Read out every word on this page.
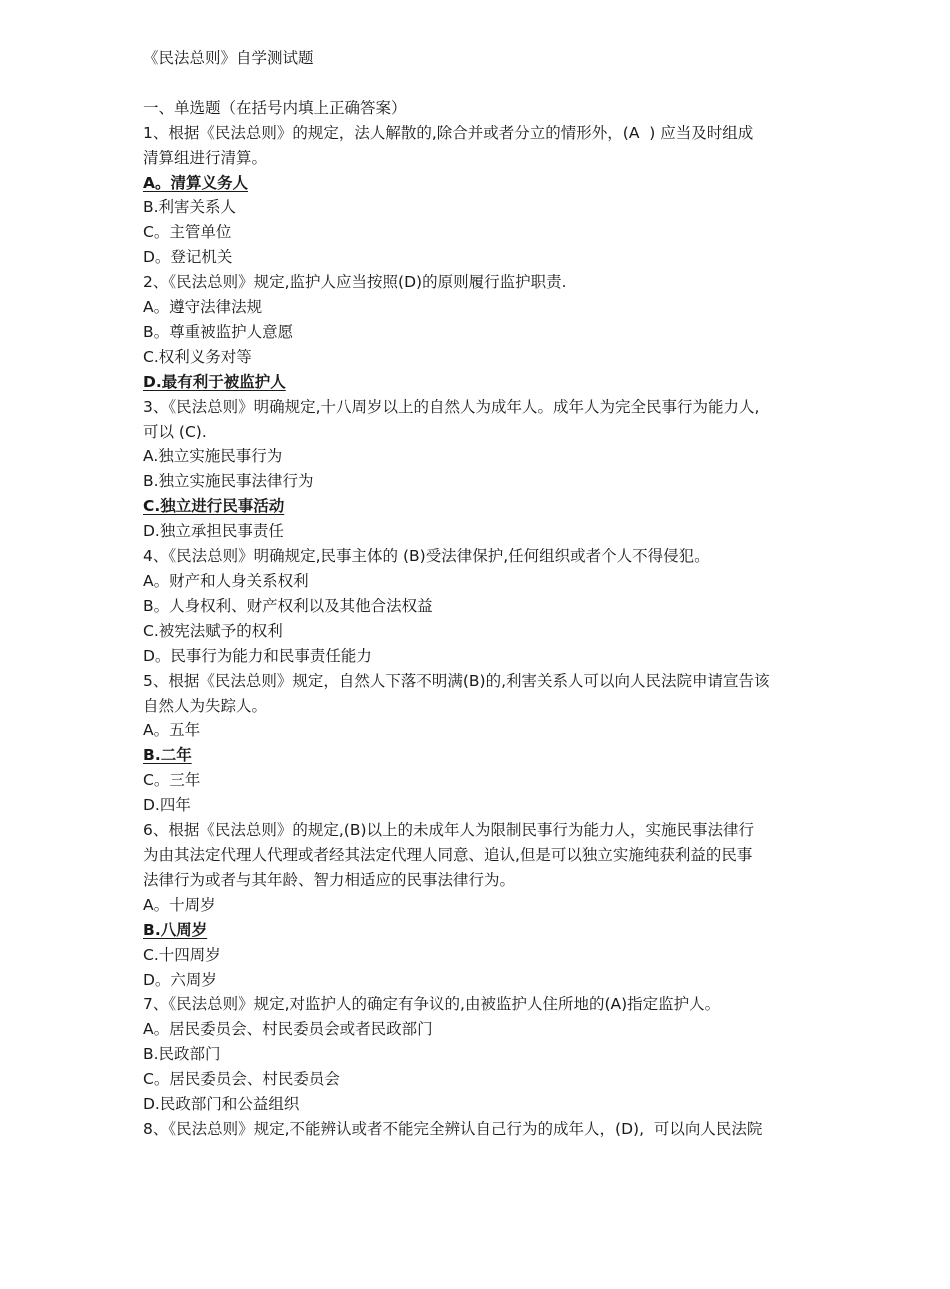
《民法总则》自学测试题
一、单选题（在括号内填上正确答案）
1、根据《民法总则》的规定，法人解散的,除合并或者分立的情形外，(A  ) 应当及时组成
清算组进行清算。
A。清算义务人
B.利害关系人
C。主管单位
D。登记机关
2、《民法总则》规定,监护人应当按照(D)的原则履行监护职责.
A。遵守法律法规
B。尊重被监护人意愿
C.权利义务对等
D.最有利于被监护人
3、《民法总则》明确规定,十八周岁以上的自然人为成年人。成年人为完全民事行为能力人,
可以 (C).
A.独立实施民事行为
B.独立实施民事法律行为
C.独立进行民事活动
D.独立承担民事责任
4、《民法总则》明确规定,民事主体的 (B)受法律保护,任何组织或者个人不得侵犯。
A。财产和人身关系权利
B。人身权利、财产权利以及其他合法权益
C.被宪法赋予的权利
D。民事行为能力和民事责任能力
5、根据《民法总则》规定，自然人下落不明满(B)的,利害关系人可以向人民法院申请宣告该
自然人为失踪人。
A。五年
B.二年
C。三年
D.四年
6、根据《民法总则》的规定,(B)以上的未成年人为限制民事行为能力人，实施民事法律行
为由其法定代理人代理或者经其法定代理人同意、追认,但是可以独立实施纯获利益的民事
法律行为或者与其年龄、智力相适应的民事法律行为。
A。十周岁
B.八周岁
C.十四周岁
D。六周岁
7、《民法总则》规定,对监护人的确定有争议的,由被监护人住所地的(A)指定监护人。
A。居民委员会、村民委员会或者民政部门
B.民政部门
C。居民委员会、村民委员会
D.民政部门和公益组织
8、《民法总则》规定,不能辨认或者不能完全辨认自己行为的成年人，(D),  可以向人民法院
